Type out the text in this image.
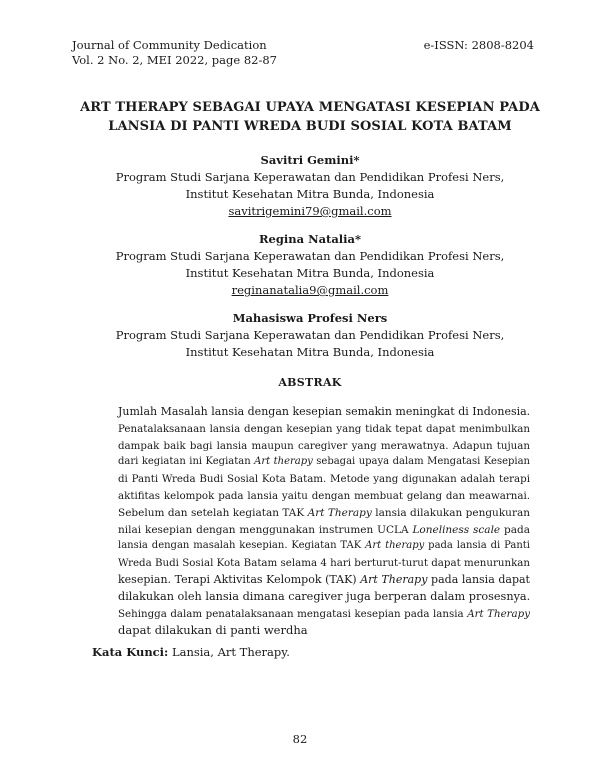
Journal of Community Dedication
Vol. 2 No. 2, MEI 2022, page 82-87
e-ISSN: 2808-8204
ART THERAPY SEBAGAI UPAYA MENGATASI KESEPIAN PADA
LANSIA DI PANTI WREDA BUDI SOSIAL KOTA BATAM
Savitri Gemini*
Program Studi Sarjana Keperawatan dan Pendidikan Profesi Ners,
Institut Kesehatan Mitra Bunda, Indonesia
savitrigemini79@gmail.com
Regina Natalia*
Program Studi Sarjana Keperawatan dan Pendidikan Profesi Ners,
Institut Kesehatan Mitra Bunda, Indonesia
reginanatalia9@gmail.com
Mahasiswa Profesi Ners
Program Studi Sarjana Keperawatan dan Pendidikan Profesi Ners,
Institut Kesehatan Mitra Bunda, Indonesia
ABSTRAK
Jumlah Masalah lansia dengan kesepian semakin meningkat di Indonesia.
Penatalaksanaan lansia dengan kesepian yang tidak tepat dapat menimbulkan
dampak baik bagi lansia maupun caregiver yang merawatnya. Adapun tujuan
dari kegiatan ini Kegiatan Art therapy sebagai upaya dalam Mengatasi Kesepian
di Panti Wreda Budi Sosial Kota Batam. Metode yang digunakan adalah terapi
aktifitas kelompok pada lansia yaitu dengan membuat gelang dan meawarnai.
Sebelum dan setelah kegiatan TAK Art Therapy lansia dilakukan pengukuran
nilai kesepian dengan menggunakan instrumen UCLA Loneliness scale pada
lansia dengan masalah kesepian. Kegiatan TAK Art therapy pada lansia di Panti
Wreda Budi Sosial Kota Batam selama 4 hari berturut-turut dapat menurunkan
kesepian. Terapi Aktivitas Kelompok (TAK) Art Therapy pada lansia dapat
dilakukan oleh lansia dimana caregiver juga berperan dalam prosesnya.
Sehingga dalam penatalaksanaan mengatasi kesepian pada lansia Art Therapy
dapat dilakukan di panti werdha
Kata Kunci: Lansia, Art Therapy.
82
